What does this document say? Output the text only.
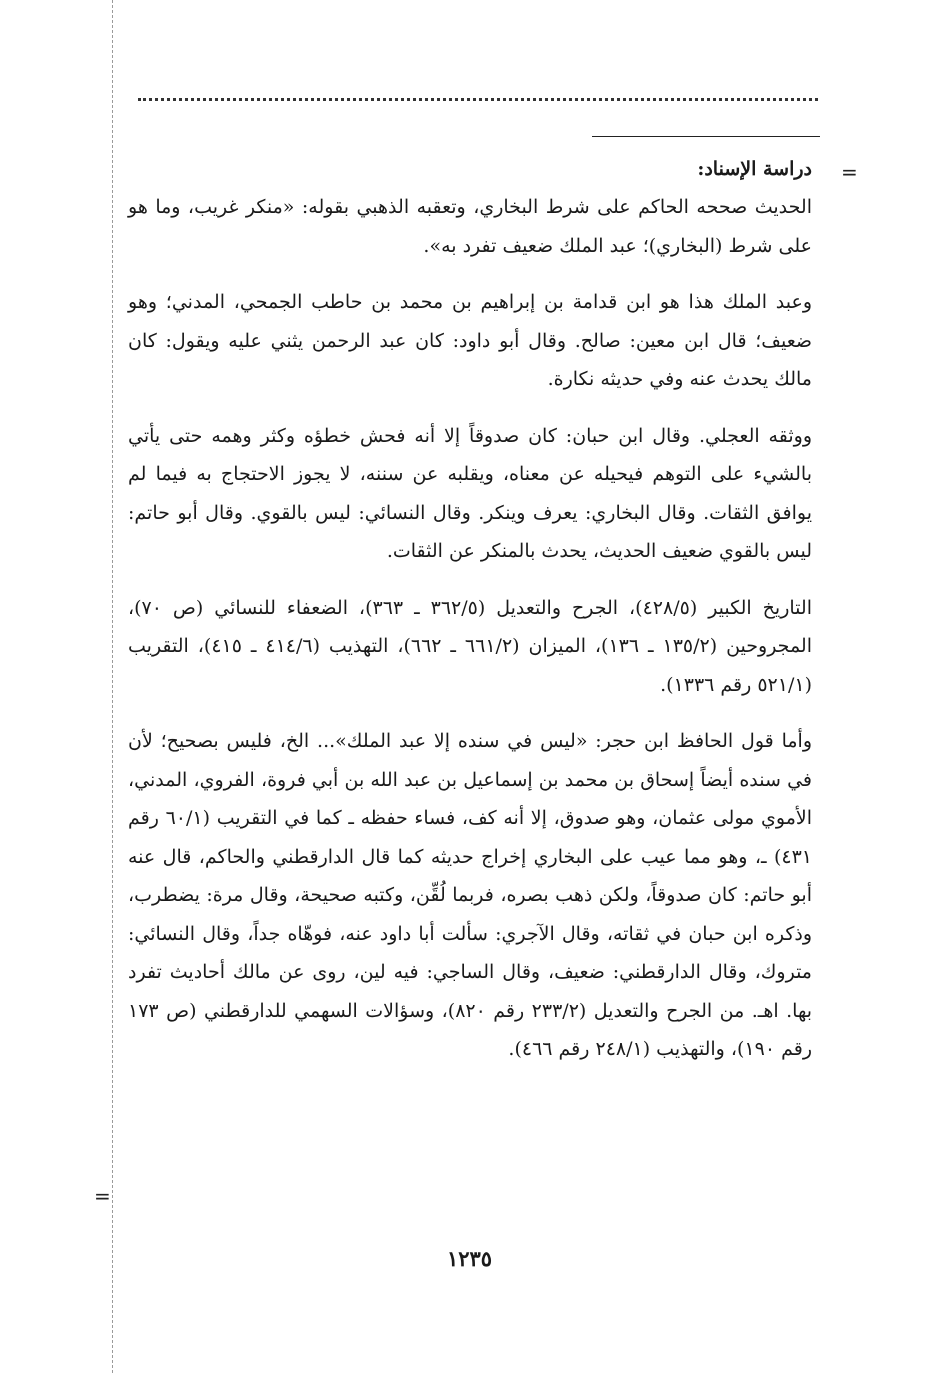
=
=

دراسة الإسناد:

الحديث صححه الحاكم على شرط البخاري، وتعقبه الذهبي بقوله: «منكر غريب، وما هو على شرط (البخاري)؛ عبد الملك ضعيف تفرد به».

وعبد الملك هذا هو ابن قدامة بن إبراهيم بن محمد بن حاطب الجمحي، المدني؛ وهو ضعيف؛ قال ابن معين: صالح. وقال أبو داود: كان عبد الرحمن يثني عليه ويقول: كان مالك يحدث عنه وفي حديثه نكارة.

ووثقه العجلي. وقال ابن حبان: كان صدوقاً إلا أنه فحش خطؤه وكثر وهمه حتى يأتي بالشيء على التوهم فيحيله عن معناه، ويقلبه عن سننه، لا يجوز الاحتجاج به فيما لم يوافق الثقات. وقال البخاري: يعرف وينكر. وقال النسائي: ليس بالقوي. وقال أبو حاتم: ليس بالقوي ضعيف الحديث، يحدث بالمنكر عن الثقات.

التاريخ الكبير (٤٢٨/٥)، الجرح والتعديل (٣٦٢/٥ ـ ٣٦٣)، الضعفاء للنسائي (ص ٧٠)، المجروحين (١٣٥/٢ ـ ١٣٦)، الميزان (٦٦١/٢ ـ ٦٦٢)، التهذيب (٤١٤/٦ ـ ٤١٥)، التقريب (٥٢١/١ رقم ١٣٣٦).

وأما قول الحافظ ابن حجر: «ليس في سنده إلا عبد الملك»... الخ، فليس بصحيح؛ لأن في سنده أيضاً إسحاق بن محمد بن إسماعيل بن عبد الله بن أبي فروة، الفروي، المدني، الأموي مولى عثمان، وهو صدوق، إلا أنه كف، فساء حفظه ـ كما في التقريب (٦٠/١ رقم ٤٣١) ـ، وهو مما عيب على البخاري إخراج حديثه كما قال الدارقطني والحاكم، قال عنه أبو حاتم: كان صدوقاً، ولكن ذهب بصره، فربما لُقِّن، وكتبه صحيحة، وقال مرة: يضطرب، وذكره ابن حبان في ثقاته، وقال الآجري: سألت أبا داود عنه، فوهّاه جداً، وقال النسائي: متروك، وقال الدارقطني: ضعيف، وقال الساجي: فيه لين، روى عن مالك أحاديث تفرد بها. اهـ. من الجرح والتعديل (٢٣٣/٢ رقم ٨٢٠)، وسؤالات السهمي للدارقطني (ص ١٧٣ رقم ١٩٠)، والتهذيب (٢٤٨/١ رقم ٤٦٦).

١٢٣٥
